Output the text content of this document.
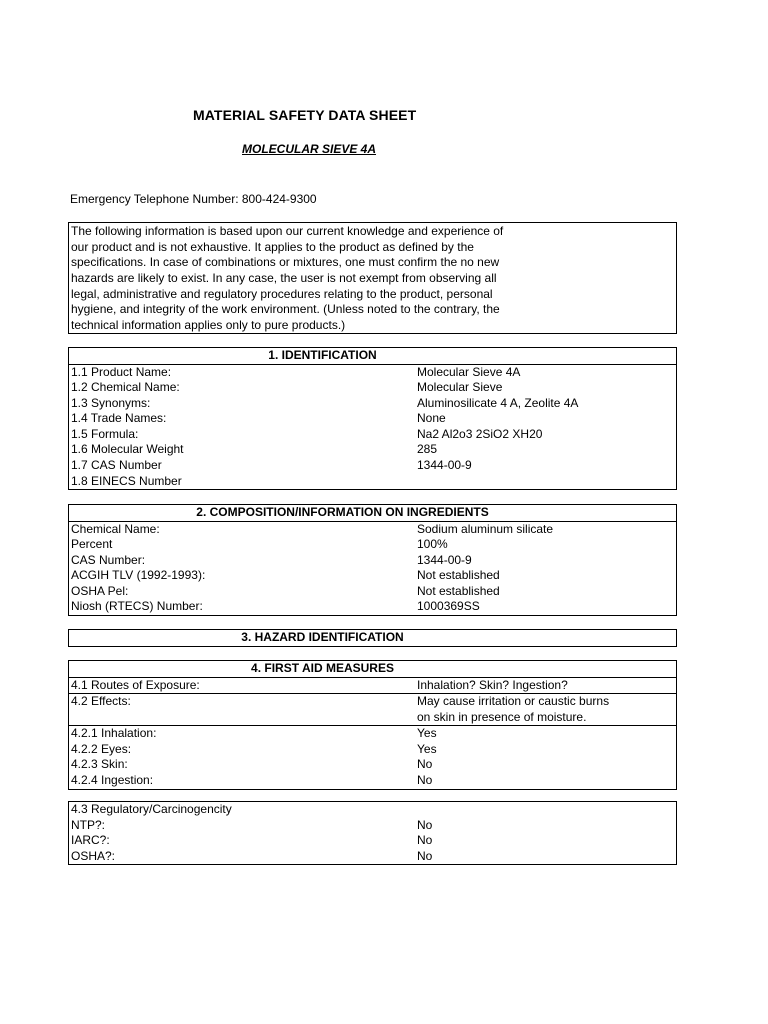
MATERIAL SAFETY DATA SHEET
MOLECULAR SIEVE 4A
Emergency Telephone Number: 800-424-9300
The following information is based upon our current knowledge and experience of
our product and is not exhaustive. It applies to the product as defined by the
specifications. In case of combinations or mixtures, one must confirm the no new
hazards are likely to exist. In any case, the user is not exempt from observing all
legal, administrative and regulatory procedures relating to the product, personal
hygiene, and integrity of the work environment. (Unless noted to the contrary, the
technical information applies only to pure products.)
1. IDENTIFICATION
1.1 Product Name:	Molecular Sieve 4A
1.2 Chemical Name:	Molecular Sieve
1.3 Synonyms:	Aluminosilicate 4 A, Zeolite 4A
1.4 Trade Names:	None
1.5 Formula:	Na2 Al2o3 2SiO2 XH20
1.6 Molecular Weight	285
1.7 CAS Number	1344-00-9
1.8 EINECS Number
2. COMPOSITION/INFORMATION ON INGREDIENTS
Chemical Name:	Sodium aluminum silicate
Percent	100%
CAS Number:	1344-00-9
ACGIH TLV (1992-1993):	Not established
OSHA Pel:	Not established
Niosh (RTECS) Number:	1000369SS
3. HAZARD IDENTIFICATION
4. FIRST AID MEASURES
4.1 Routes of Exposure:	Inhalation? Skin? Ingestion?
4.2 Effects:	May cause irritation or caustic burns
on skin in presence of moisture.
4.2.1 Inhalation:	Yes
4.2.2 Eyes:	Yes
4.2.3 Skin:	No
4.2.4 Ingestion:	No
4.3 Regulatory/Carcinogencity
NTP?:	No
IARC?:	No
OSHA?:	No
